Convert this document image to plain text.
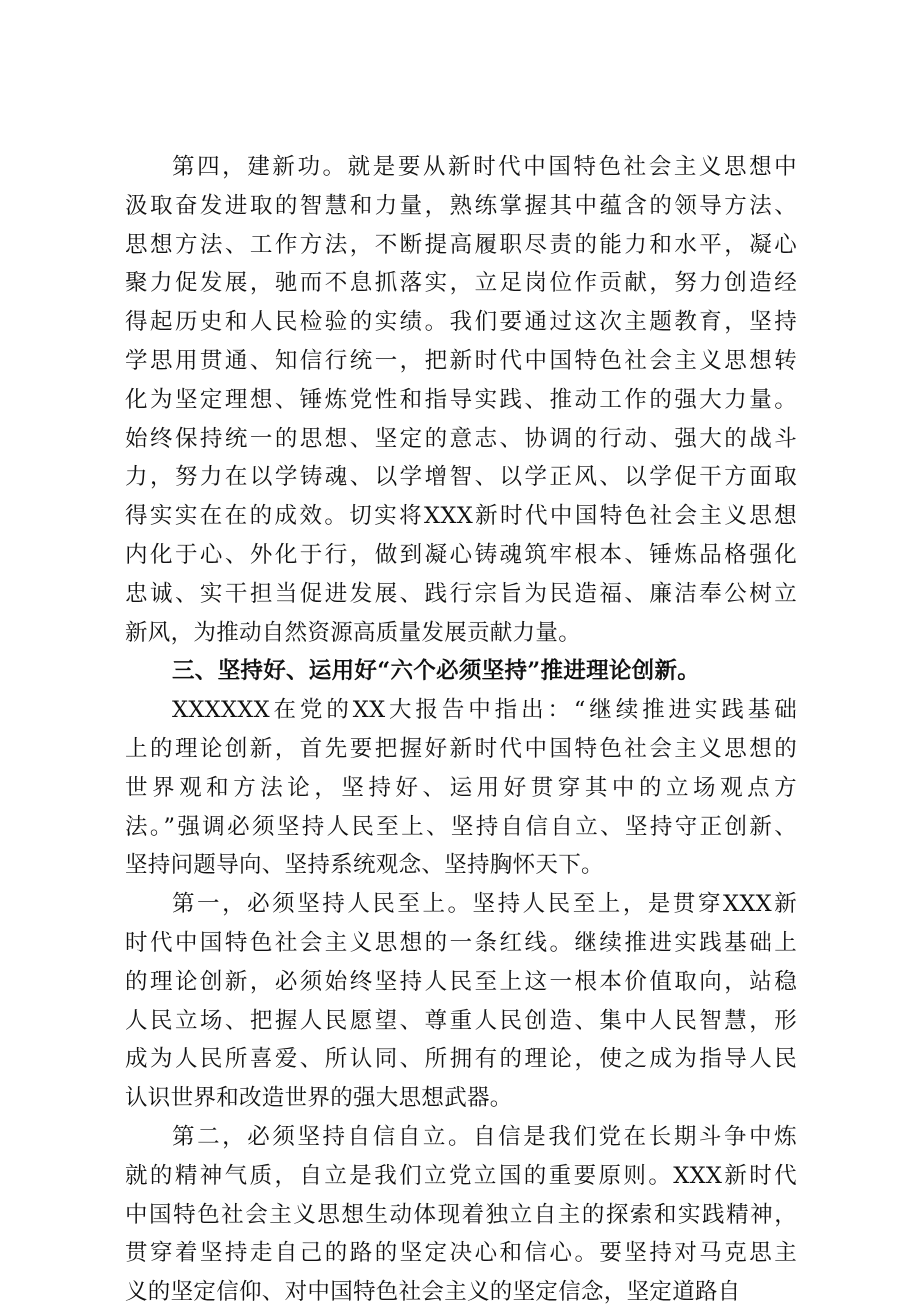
第四，建新功。就是要从新时代中国特色社会主义思想中
汲取奋发进取的智慧和力量，熟练掌握其中蕴含的领导方法、
思想方法、工作方法，不断提高履职尽责的能力和水平，凝心
聚力促发展，驰而不息抓落实，立足岗位作贡献，努力创造经
得起历史和人民检验的实绩。我们要通过这次主题教育，坚持
学思用贯通、知信行统一，把新时代中国特色社会主义思想转
化为坚定理想、锤炼党性和指导实践、推动工作的强大力量。
始终保持统一的思想、坚定的意志、协调的行动、强大的战斗
力，努力在以学铸魂、以学增智、以学正风、以学促干方面取
得实实在在的成效。切实将XXX新时代中国特色社会主义思想
内化于心、外化于行，做到凝心铸魂筑牢根本、锤炼品格强化
忠诚、实干担当促进发展、践行宗旨为民造福、廉洁奉公树立
新风，为推动自然资源高质量发展贡献力量。
三、坚持好、运用好“六个必须坚持”推进理论创新。
XXXXXX在党的XX大报告中指出：“继续推进实践基础
上的理论创新，首先要把握好新时代中国特色社会主义思想的
世界观和方法论，坚持好、运用好贯穿其中的立场观点方
法。”强调必须坚持人民至上、坚持自信自立、坚持守正创新、
坚持问题导向、坚持系统观念、坚持胸怀天下。
第一，必须坚持人民至上。坚持人民至上，是贯穿XXX新
时代中国特色社会主义思想的一条红线。继续推进实践基础上
的理论创新，必须始终坚持人民至上这一根本价值取向，站稳
人民立场、把握人民愿望、尊重人民创造、集中人民智慧，形
成为人民所喜爱、所认同、所拥有的理论，使之成为指导人民
认识世界和改造世界的强大思想武器。
第二，必须坚持自信自立。自信是我们党在长期斗争中炼
就的精神气质，自立是我们立党立国的重要原则。XXX新时代
中国特色社会主义思想生动体现着独立自主的探索和实践精神，
贯穿着坚持走自己的路的坚定决心和信心。要坚持对马克思主
义的坚定信仰、对中国特色社会主义的坚定信念，坚定道路自
